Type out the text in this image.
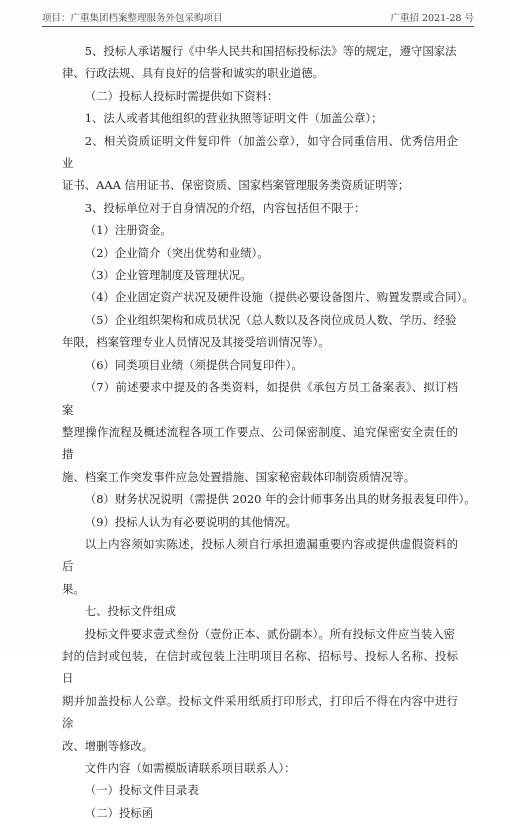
项目：广重集团档案整理服务外包采购项目	广重招 2021-28 号
5、投标人承诺履行《中华人民共和国招标投标法》等的规定，遵守国家法
律、行政法规、具有良好的信誉和诚实的职业道德。
（二）投标人投标时需提供如下资料：
1、法人或者其他组织的营业执照等证明文件（加盖公章）；
2、相关资质证明文件复印件（加盖公章），如守合同重信用、优秀信用企业
证书、AAA 信用证书、保密资质、国家档案管理服务类资质证明等；
3、投标单位对于自身情况的介绍，内容包括但不限于：
（1）注册资金。
（2）企业简介（突出优势和业绩）。
（3）企业管理制度及管理状况。
（4）企业固定资产状况及硬件设施（提供必要设备图片、购置发票或合同）。
（5）企业组织架构和成员状况（总人数以及各岗位成员人数、学历、经验
年限，档案管理专业人员情况及其接受培训情况等）。
（6）同类项目业绩（须提供合同复印件）。
（7）前述要求中提及的各类资料，如提供《承包方员工备案表》、拟订档案
整理操作流程及概述流程各项工作要点、公司保密制度、追究保密安全责任的措
施、档案工作突发事件应急处置措施、国家秘密载体印制资质情况等。
（8）财务状况说明（需提供 2020 年的会计师事务出具的财务报表复印件）。
（9）投标人认为有必要说明的其他情况。
以上内容须如实陈述，投标人须自行承担遗漏重要内容或提供虚假资料的后
果。
七、投标文件组成
投标文件要求壹式叁份（壹份正本、贰份副本）。所有投标文件应当装入密
封的信封或包装，在信封或包装上注明项目名称、招标号、投标人名称、投标日
期并加盖投标人公章。投标文件采用纸质打印形式，打印后不得在内容中进行涂
改、增删等修改。
文件内容（如需模版请联系项目联系人）：
（一）投标文件目录表
（二）投标函
